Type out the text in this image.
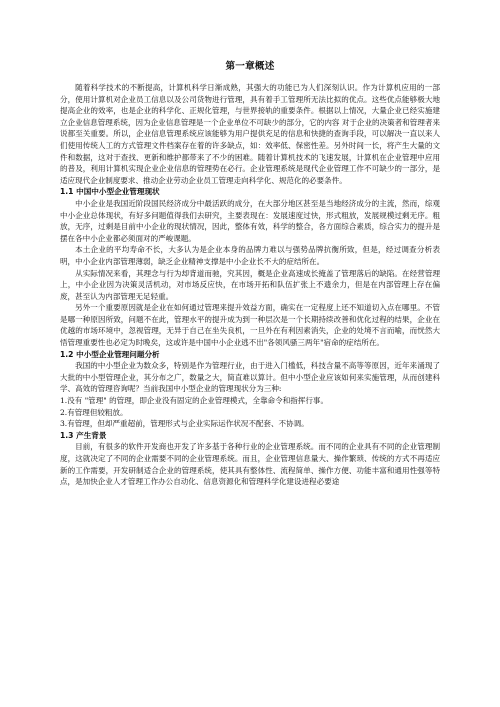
第一章概述

随着科学技术的不断提高，计算机科学日渐成熟，其强大的功能已为人们深刻认识。作为计算机应用的一部分，使用计算机对企业员工信息以及公司货物进行管理，具有着手工管理所无法比拟的优点。这些优点能够极大地提高企业的效率，也是企业的科学化、正规化管理，与世界接轨的重要条件。根据以上情况，大量企业已经实施建立企业信息管理系统，因为企业信息管理是一个企业单位不可缺少的部分，它的内容 对于企业的决策者和管理者来说都至关重要。所以，企业信息管理系统应该能够为用户提供充足的信息和快捷的查询手段，可以解决一直以来人们使用传统人工的方式管理文件档案存在着的许多缺点，如：效率低、保密性差。另外时间一长，将产生大量的文件和数据，这对于查找、更新和维护都带来了不少的困难。随着计算机技术的飞速发展，计算机在企业管理中应用的普及，利用计算机实现企业企业信息的管理势在必行。企业管理系统是现代企业管理工作不可缺少的一部分，是适应现代企业制度要求、推动企业劳动企业员工管理走向科学化、规范化的必要条件。

1.1 中国中小型企业管理现状

中小企业是我国近阶段国民经济成分中最活跃的成分，在大部分地区甚至是当地经济成分的主流，然而，综观中小企业总体现状，有好多问题值得我们去研究，主要表现在：发展速度过快，形式粗放，发展规模过剩无序。粗放，无序，过剩是目前中小企业的现状情况，因此，整体有效，科学的整合，各方面综合素质，综合实力的提升是摆在各中小企业都必须面对的严峻课题。

本土企业的平均寿命不长，大多认为是企业本身的品牌力难以与强势品牌抗衡所致，但是，经过调查分析表明，中小企业内部管理薄弱，缺乏企业精神支撑是中小企业长不大的症结所在。

从实际情况来看，其理念与行为却背道而驰，究其因，概是企业高速成长掩盖了管理落后的缺陷。在经营管理上，中小企业因为决策灵活机动，对市场反应快，在市场开拓和队伍扩张上不遗余力，但是在内部管理上存在偏废，甚至认为内部管理无足轻重。

另外一个重要原因就是企业在如何通过管理来提升效益方面，确实在一定程度上还不知道切入点在哪里。不管是哪一种原因所致，问题不在此，管理水平的提升成为到一种层次是一个长期持续改善和优化过程的结果，企业在优越的市场环境中，忽视管理，无异于自己在坐失良机，一旦外在有利因素消失，企业的处境不言而喻，而恍然大悟管理重要性也必定为时晚矣，这或许是中国中小企业逃不出"各领风骚三两年"宿命的症结所在。

1.2 中小型企业管理问题分析

我国的中小型企业为数众多，特别是作为管理行业，由于进入门槛低，科技含量不高等等原因，近年来涌现了大批的中小型管理企业，其分布之广，数量之大，简直难以算计。但中小型企业应该如何来实施管理，从而创建科学、高效的管理咨询呢？当前我国中小型企业的管理现状分为三种:

1.没有 "管理" 的管理，即企业没有固定的企业管理模式，全靠命令和指挥行事。

2.有管理但较粗放。

3.有管理，但却严重超前，管理形式与企业实际运作状况不配套、不协调。

1.3 产生背景

目前，有很多的软件开发商也开发了许多基于各种行业的企业管理系统。而不同的企业具有不同的企业管理制度，这就决定了不同的企业需要不同的企业管理系统。而且，企业管理信息量大、操作繁琐、传统的方式不再适应新的工作需要，开发研制适合企业的管理系统，使其具有整体性、流程简单、操作方便、功能丰富和通用性强等特点，是加快企业人才管理工作办公自动化、信息资源化和管理科学化建设进程必要途
